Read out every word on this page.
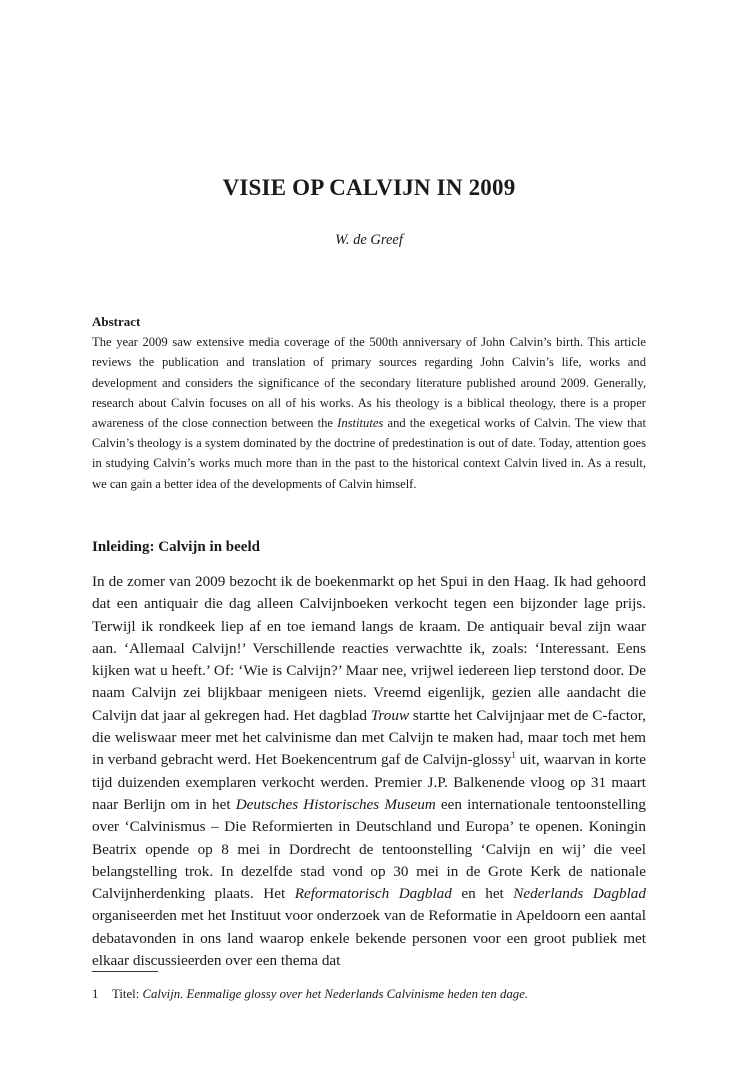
VISIE OP CALVIJN IN 2009
W. de Greef

Abstract

The year 2009 saw extensive media coverage of the 500th anniversary of John Calvin’s birth. This article reviews the publication and translation of primary sources regarding John Calvin’s life, works and development and considers the significance of the secondary literature published around 2009. Generally, research about Calvin focuses on all of his works. As his theology is a biblical theology, there is a proper awareness of the close connection between the Institutes and the exegetical works of Calvin. The view that Calvin’s theology is a system dominated by the doctrine of predestination is out of date. Today, attention goes in studying Calvin’s works much more than in the past to the historical context Calvin lived in. As a result, we can gain a better idea of the developments of Calvin himself.

Inleiding: Calvijn in beeld

In de zomer van 2009 bezocht ik de boekenmarkt op het Spui in den Haag. Ik had gehoord dat een antiquair die dag alleen Calvijnboeken verkocht tegen een bijzonder lage prijs. Terwijl ik rondkeek liep af en toe iemand langs de kraam. De antiquair beval zijn waar aan. ‘Allemaal Calvijn!’ Verschillende reacties verwachtte ik, zoals: ‘Interessant. Eens kijken wat u heeft.’ Of: ‘Wie is Calvijn?’ Maar nee, vrijwel iedereen liep terstond door. De naam Calvijn zei blijkbaar menigeen niets. Vreemd eigenlijk, gezien alle aandacht die Calvijn dat jaar al gekregen had. Het dagblad Trouw startte het Calvijnjaar met de C-factor, die weliswaar meer met het calvinisme dan met Calvijn te maken had, maar toch met hem in verband gebracht werd. Het Boekencentrum gaf de Calvijn-glossy$^1$ uit, waarvan in korte tijd duizenden exemplaren verkocht werden. Premier J.P. Balkenende vloog op 31 maart naar Berlijn om in het Deutsches Historisches Museum een internationale tentoonstelling over ‘Calvinismus – Die Reformierten in Deutschland und Europa’ te openen. Koningin Beatrix opende op 8 mei in Dordrecht de tentoonstelling ‘Calvijn en wij’ die veel belangstelling trok. In dezelfde stad vond op 30 mei in de Grote Kerk de nationale Calvijnherdenking plaats. Het Reformatorisch Dagblad en het Nederlands Dagblad organiseerden met het Instituut voor onderzoek van de Reformatie in Apeldoorn een aantal debatavonden in ons land waarop enkele bekende personen voor een groot publiek met elkaar discussieerden over een thema dat

1 Titel: Calvijn. Eenmalige glossy over het Nederlands Calvinisme heden ten dage.
